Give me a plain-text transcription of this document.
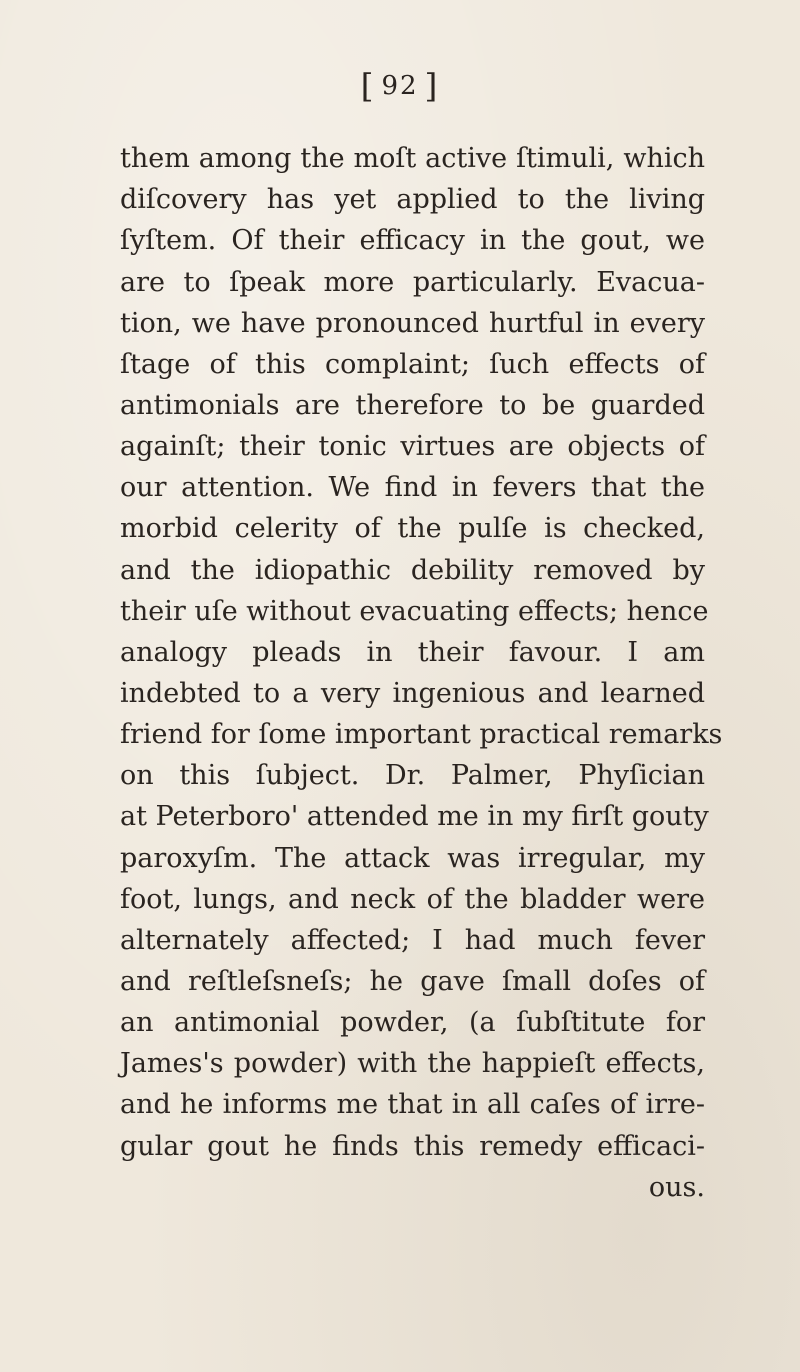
[ 92 ]
them among the moſt active ſtimuli, which
diſcovery has yet applied to the living
ſyſtem. Of their efficacy in the gout, we
are to ſpeak more particularly. Evacua-
tion, we have pronounced hurtful in every
ſtage of this complaint; ſuch effects of
antimonials are therefore to be guarded
againſt; their tonic virtues are objects of
our attention. We find in fevers that the
morbid celerity of the pulſe is checked,
and the idiopathic debility removed by
their uſe without evacuating effects; hence
analogy pleads in their favour. I am
indebted to a very ingenious and learned
friend for ſome important practical remarks
on this ſubject. Dr. Palmer, Phyſician
at Peterboro' attended me in my firſt gouty
paroxyſm. The attack was irregular, my
foot, lungs, and neck of the bladder were
alternately affected; I had much fever
and reſtleſsneſs; he gave ſmall doſes of
an antimonial powder, (a ſubſtitute for
James's powder) with the happieſt effects,
and he informs me that in all caſes of irre-
gular gout he finds this remedy efficaci-
ous.
